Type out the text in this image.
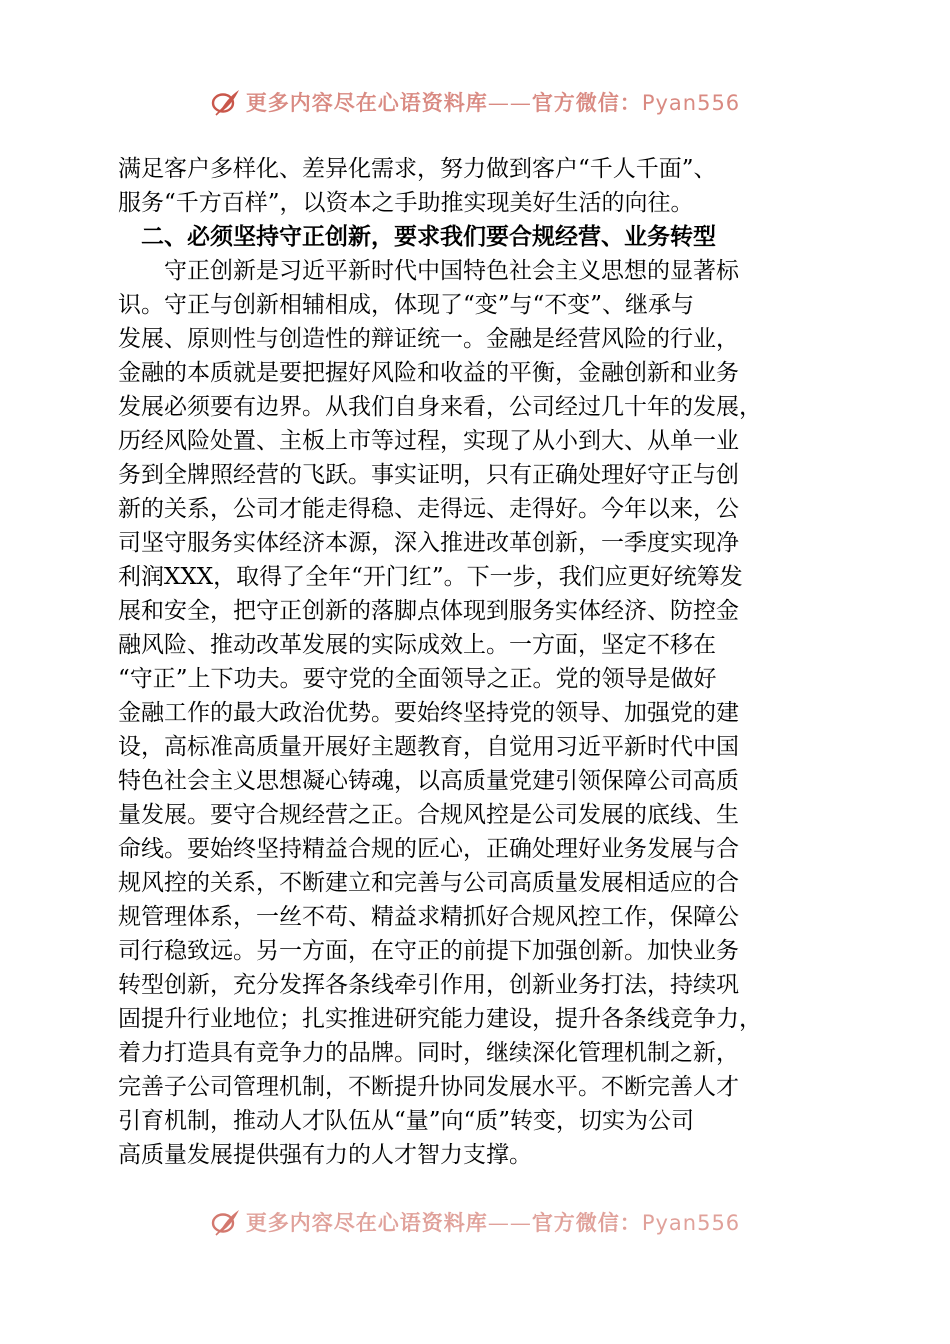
更多内容尽在心语资料库——官方微信：Pyan556
满足客户多样化、差异化需求，努力做到客户“千人千面”、
服务“千方百样”，以资本之手助推实现美好生活的向往。
二、必须坚持守正创新，要求我们要合规经营、业务转型
守正创新是习近平新时代中国特色社会主义思想的显著标
识。守正与创新相辅相成，体现了“变”与“不变”、继承与
发展、原则性与创造性的辩证统一。金融是经营风险的行业，
金融的本质就是要把握好风险和收益的平衡，金融创新和业务
发展必须要有边界。从我们自身来看，公司经过几十年的发展，
历经风险处置、主板上市等过程，实现了从小到大、从单一业
务到全牌照经营的飞跃。事实证明，只有正确处理好守正与创
新的关系，公司才能走得稳、走得远、走得好。今年以来，公
司坚守服务实体经济本源，深入推进改革创新，一季度实现净
利润XXX，取得了全年“开门红”。下一步，我们应更好统筹发
展和安全，把守正创新的落脚点体现到服务实体经济、防控金
融风险、推动改革发展的实际成效上。一方面，坚定不移在
“守正”上下功夫。要守党的全面领导之正。党的领导是做好
金融工作的最大政治优势。要始终坚持党的领导、加强党的建
设，高标准高质量开展好主题教育，自觉用习近平新时代中国
特色社会主义思想凝心铸魂，以高质量党建引领保障公司高质
量发展。要守合规经营之正。合规风控是公司发展的底线、生
命线。要始终坚持精益合规的匠心，正确处理好业务发展与合
规风控的关系，不断建立和完善与公司高质量发展相适应的合
规管理体系，一丝不苟、精益求精抓好合规风控工作，保障公
司行稳致远。另一方面，在守正的前提下加强创新。加快业务
转型创新，充分发挥各条线牵引作用，创新业务打法，持续巩
固提升行业地位；扎实推进研究能力建设，提升各条线竞争力，
着力打造具有竞争力的品牌。同时，继续深化管理机制之新，
完善子公司管理机制，不断提升协同发展水平。不断完善人才
引育机制，推动人才队伍从“量”向“质”转变，切实为公司
高质量发展提供强有力的人才智力支撑。
更多内容尽在心语资料库——官方微信：Pyan556
